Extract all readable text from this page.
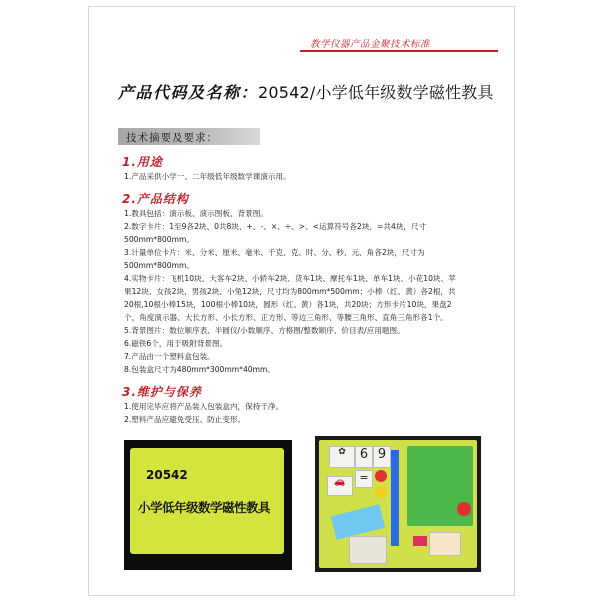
教学仪器产品金聚技术标准
产品代码及名称：20542/小学低年级数学磁性教具
技术摘要及要求：
1.用途
1.产品采供小学一、二年级低年级数学课演示用。
2.产品结构
1.教具包括：演示板、演示图板、背景图。
2.数字卡片：1至9各2块、0共8块、+、-、×、÷、>、<运算符号各2块，=共4块，尺寸
500mm*800mm。
3.计量单位卡片：米、分米、厘米、毫米、千克、克、时、分、秒、元、角各2块，尺寸为
500mm*800mm。
4.实物卡片：飞机10块、大客车2块、小轿车2块、货车1块、摩托车1块、单车1块、小花10块、苹
果12块、女孩2块、男孩2块、小兔12块，尺寸均为800mm*500mm；小棒（红、黄）各2根，共
20根,10根小棒15块，100根小棒10块，圆形（红、黄）各1块，共20块；方形卡片10块，果盘2
个，角度演示器、大长方形、小长方形、正方形、等边三角形、等腰三角形、直角三角形各1个。
5.背景图片：数位顺序表、半圆仪/小数顺序、方格图/整数顺序、价目表/应用题图。
6.磁铁6个，用于吸附背景图。
7.产品由一个塑料盒包装。
8.包装盒尺寸为480mm*300mm*40mm。
3.维护与保养
1.使用完毕应将产品装入包装盒内，保持干净。
2.塑料产品应避免受压、防止变形。
20542
小学低年级数学磁性教具
✿	6 9
=
🚗
